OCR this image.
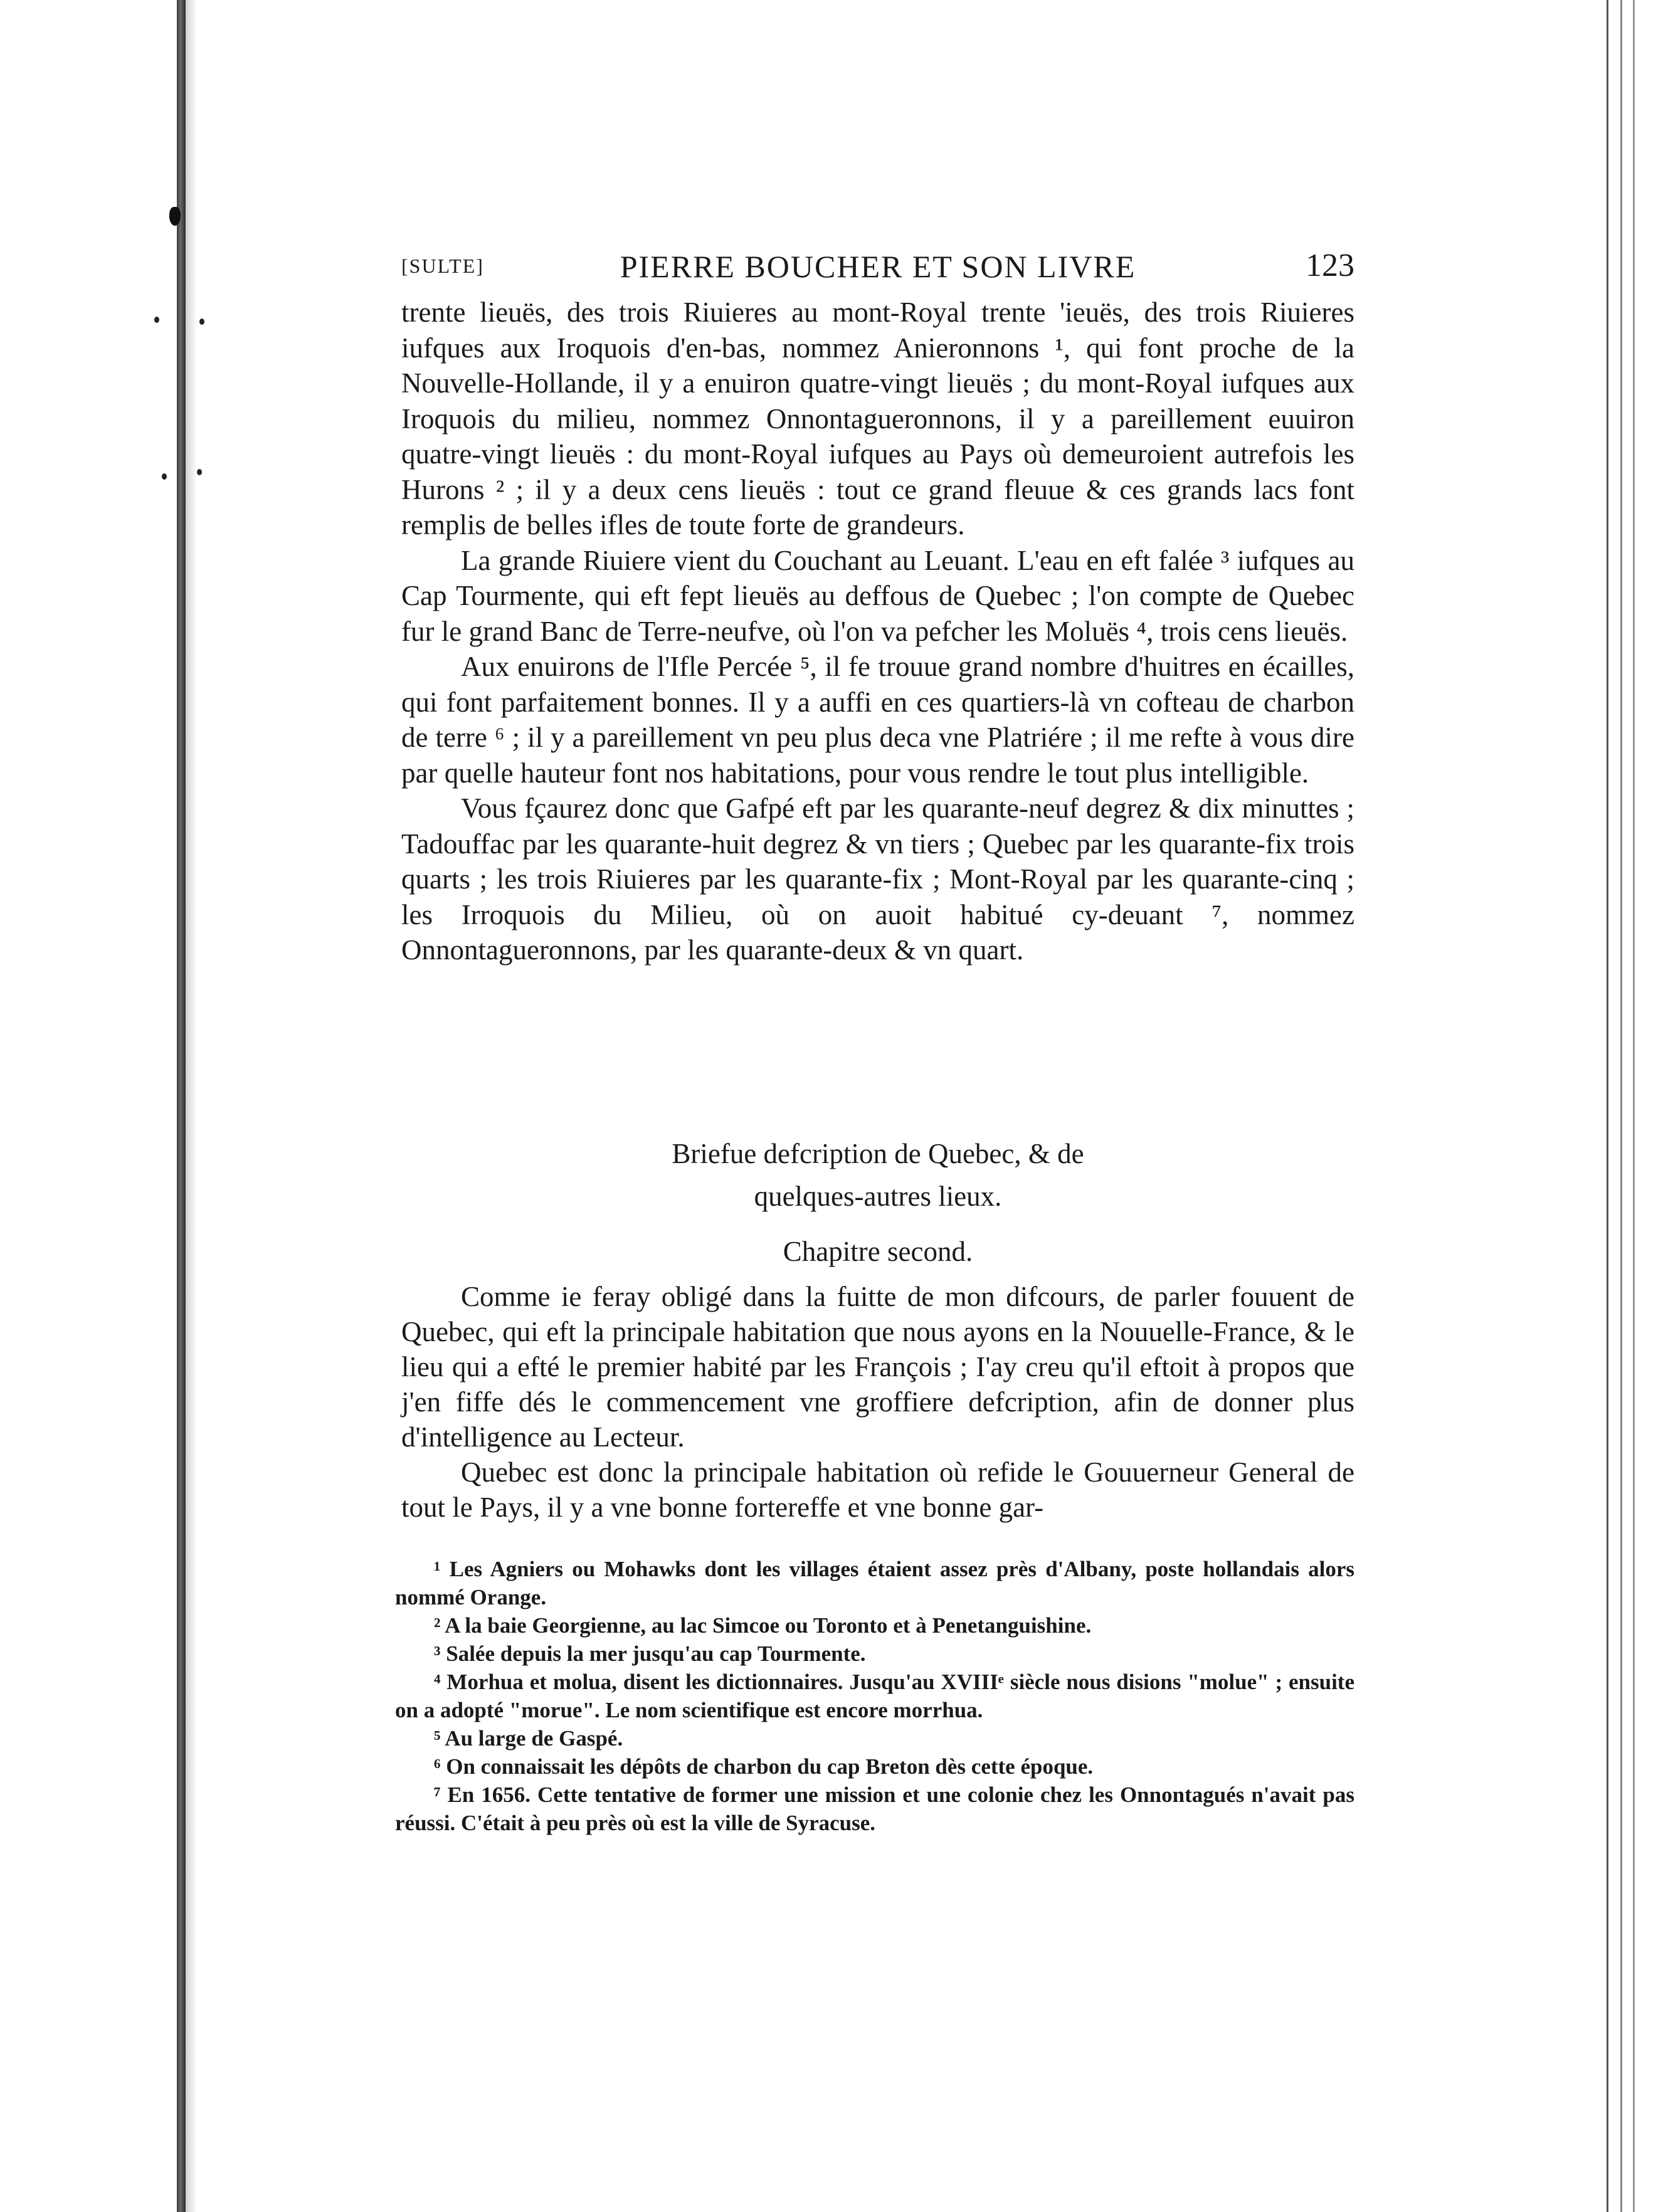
[SULTE]	PIERRE BOUCHER ET SON LIVRE	123

trente lieuës, des trois Riuieres au mont-Royal trente 'ieuës, des trois Riuieres iufques aux Iroquois d'en-bas, nommez Anieronnons ¹, qui font proche de la Nouvelle-Hollande, il y a enuiron quatre-vingt lieuës ; du mont-Royal iufques aux Iroquois du milieu, nommez Onnontagueronnons, il y a pareillement euuiron quatre-vingt lieuës : du mont-Royal iufques au Pays où demeuroient autrefois les Hurons ² ; il y a deux cens lieuës : tout ce grand fleuue & ces grands lacs font remplis de belles ifles de toute forte de grandeurs.

La grande Riuiere vient du Couchant au Leuant. L'eau en eft falée ³ iufques au Cap Tourmente, qui eft fept lieuës au deffous de Quebec ; l'on compte de Quebec fur le grand Banc de Terre-neufve, où l'on va pefcher les Moluës ⁴, trois cens lieuës.

Aux enuirons de l'Ifle Percée ⁵, il fe trouue grand nombre d'huitres en écailles, qui font parfaitement bonnes. Il y a auffi en ces quartiers-là vn cofteau de charbon de terre ⁶ ; il y a pareillement vn peu plus deca vne Platriére ; il me refte à vous dire par quelle hauteur font nos habitations, pour vous rendre le tout plus intelligible.

Vous fçaurez donc que Gafpé eft par les quarante-neuf degrez & dix minuttes ; Tadouffac par les quarante-huit degrez & vn tiers ; Quebec par les quarante-fix trois quarts ; les trois Riuieres par les quarante-fix ; Mont-Royal par les quarante-cinq ; les Irroquois du Milieu, où on auoit habitué cy-deuant ⁷, nommez Onnontagueronnons, par les quarante-deux & vn quart.

Briefue defcription de Quebec, & de
quelques-autres lieux.
Chapitre second.

Comme ie feray obligé dans la fuitte de mon difcours, de parler fouuent de Quebec, qui eft la principale habitation que nous ayons en la Nouuelle-France, & le lieu qui a efté le premier habité par les François ; I'ay creu qu'il eftoit à propos que j'en fiffe dés le commencement vne groffiere defcription, afin de donner plus d'intelligence au Lecteur.

Quebec est donc la principale habitation où refide le Gouuerneur General de tout le Pays, il y a vne bonne fortereffe et vne bonne gar-

¹ Les Agniers ou Mohawks dont les villages étaient assez près d'Albany, poste hollandais alors nommé Orange.

² A la baie Georgienne, au lac Simcoe ou Toronto et à Penetanguishine.

³ Salée depuis la mer jusqu'au cap Tourmente.

⁴ Morhua et molua, disent les dictionnaires. Jusqu'au XVIIIᵉ siècle nous disions "molue" ; ensuite on a adopté "morue". Le nom scientifique est encore morrhua.

⁵ Au large de Gaspé.

⁶ On connaissait les dépôts de charbon du cap Breton dès cette époque.

⁷ En 1656. Cette tentative de former une mission et une colonie chez les Onnontagués n'avait pas réussi. C'était à peu près où est la ville de Syracuse.
